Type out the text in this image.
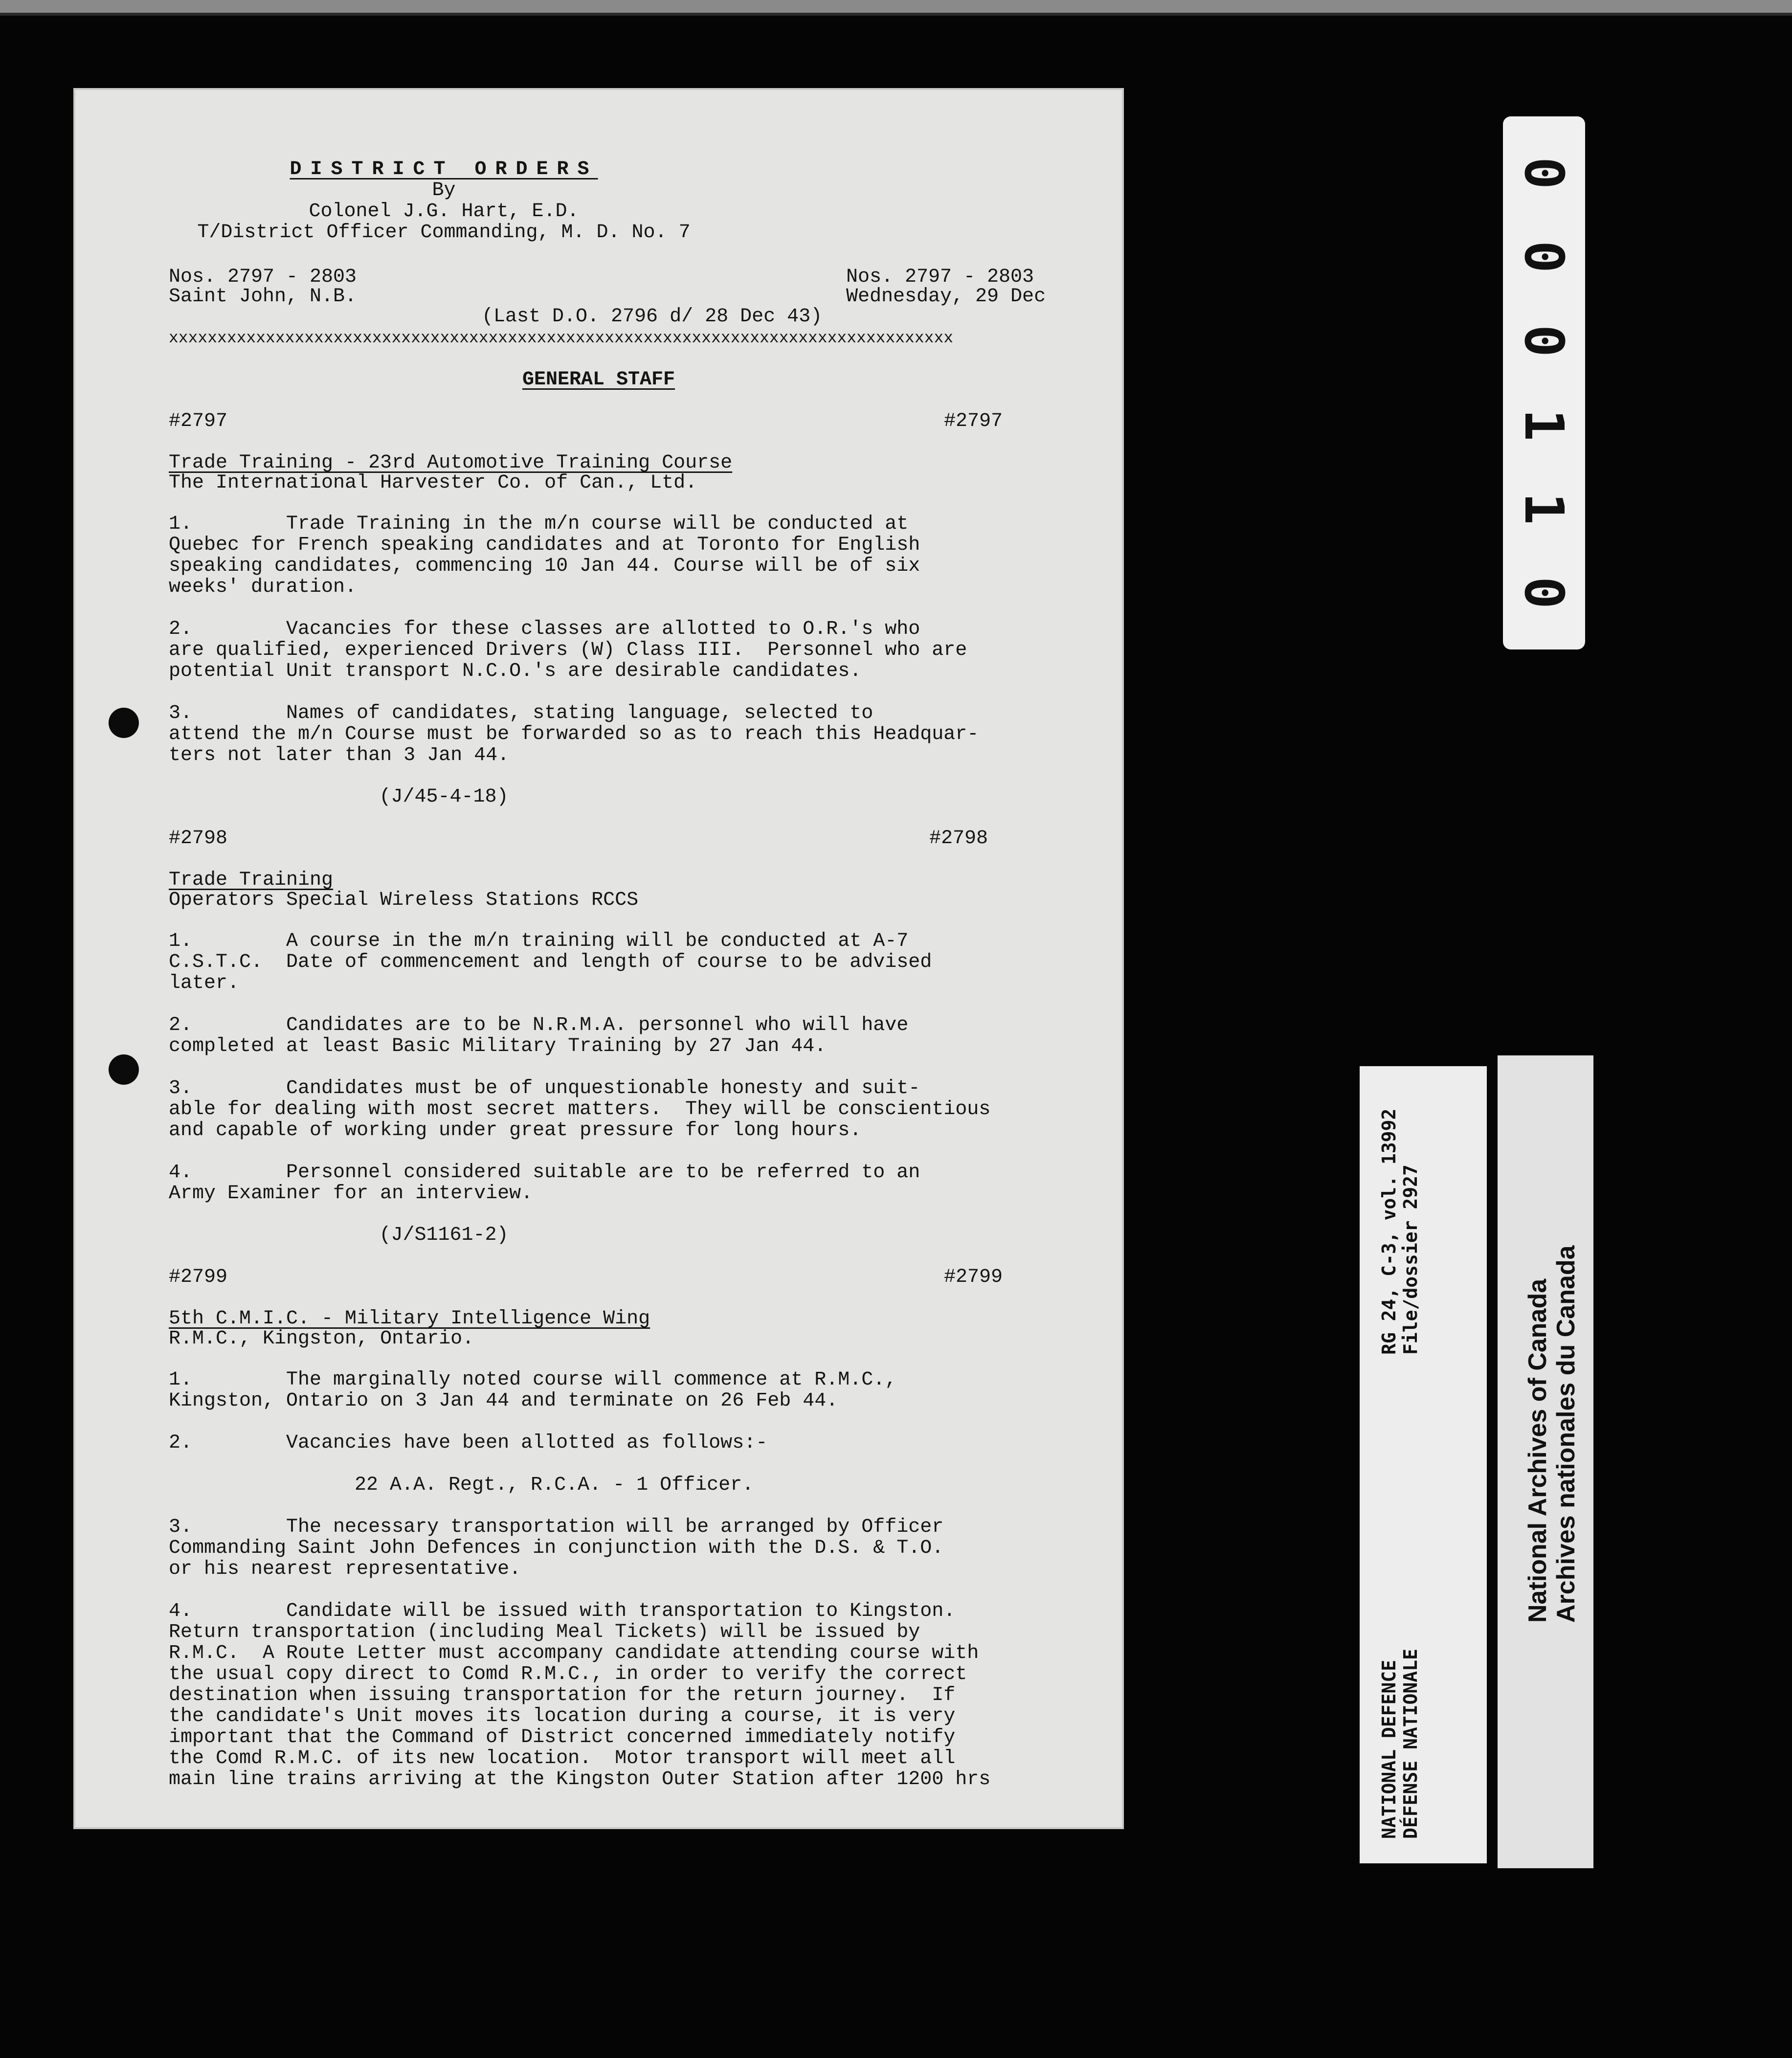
DISTRICT ORDERS
By
Colonel J.G. Hart, E.D.
T/District Officer Commanding, M. D. No. 7
Nos. 2797 - 2803
Saint John, N.B.
Nos. 2797 - 2803
Wednesday, 29 Dec
(Last D.O. 2796 d/ 28 Dec 43)
xxxxxxxxxxxxxxxxxxxxxxxxxxxxxxxxxxxxxxxxxxxxxxxxxxxxxxxxxxxxxxxxxxxxxxxxxxxxxxxxx
GENERAL STAFF
#2797	#2797
Trade Training - 23rd Automotive Training Course
The International Harvester Co. of Can., Ltd.
1.        Trade Training in the m/n course will be conducted at
Quebec for French speaking candidates and at Toronto for English
speaking candidates, commencing 10 Jan 44. Course will be of six
weeks' duration.
2.        Vacancies for these classes are allotted to O.R.'s who
are qualified, experienced Drivers (W) Class III.  Personnel who are
potential Unit transport N.C.O.'s are desirable candidates.
3.        Names of candidates, stating language, selected to
attend the m/n Course must be forwarded so as to reach this Headquar-
ters not later than 3 Jan 44.
(J/45-4-18)
#2798	#2798
Trade Training
Operators Special Wireless Stations RCCS
1.        A course in the m/n training will be conducted at A-7
C.S.T.C.  Date of commencement and length of course to be advised
later.
2.        Candidates are to be N.R.M.A. personnel who will have
completed at least Basic Military Training by 27 Jan 44.
3.        Candidates must be of unquestionable honesty and suit-
able for dealing with most secret matters.  They will be conscientious
and capable of working under great pressure for long hours.
4.        Personnel considered suitable are to be referred to an
Army Examiner for an interview.
(J/S1161-2)
#2799	#2799
5th C.M.I.C. - Military Intelligence Wing
R.M.C., Kingston, Ontario.
1.        The marginally noted course will commence at R.M.C.,
Kingston, Ontario on 3 Jan 44 and terminate on 26 Feb 44.
2.        Vacancies have been allotted as follows:-
22 A.A. Regt., R.C.A. - 1 Officer.
3.        The necessary transportation will be arranged by Officer
Commanding Saint John Defences in conjunction with the D.S. & T.O.
or his nearest representative.
4.        Candidate will be issued with transportation to Kingston.
Return transportation (including Meal Tickets) will be issued by
R.M.C.  A Route Letter must accompany candidate attending course with
the usual copy direct to Comd R.M.C., in order to verify the correct
destination when issuing transportation for the return journey.  If
the candidate's Unit moves its location during a course, it is very
important that the Command of District concerned immediately notify
the Comd R.M.C. of its new location.  Motor transport will meet all
main line trains arriving at the Kingston Outer Station after 1200 hrs
0
0
0
1
1
0
RG 24, C-3, vol. 13992 File/dossier 2927
NATIONAL DEFENCE DÉFENSE NATIONALE
National Archives of Canada Archives nationales du Canada
